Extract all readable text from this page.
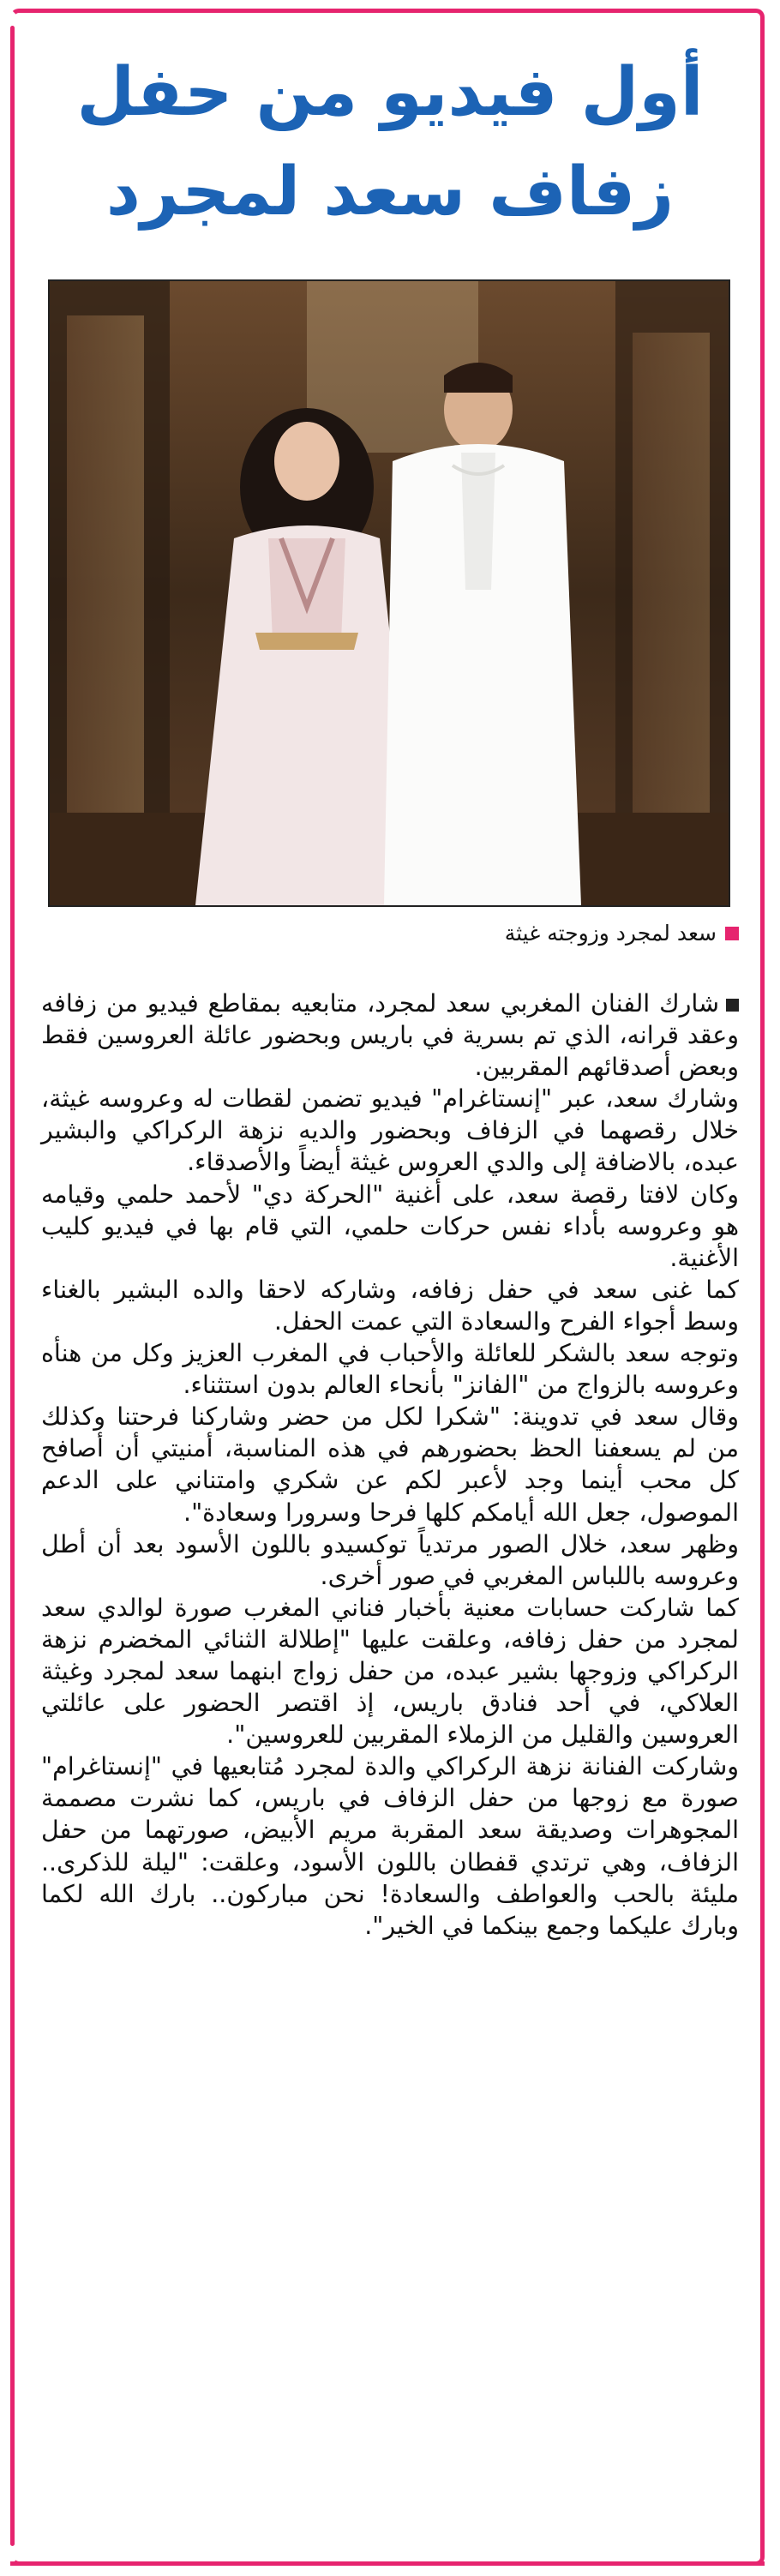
أول فيديو من حفل
زفاف سعد لمجرد
سعد لمجرد وزوجته غيثة

شارك الفنان المغربي سعد لمجرد، متابعيه بمقاطع فيديو من زفافه وعقد قرانه، الذي تم بسرية في باريس وبحضور عائلة العروسين فقط وبعض أصدقائهم المقربين.

وشارك سعد، عبر "إنستاغرام" فيديو تضمن لقطات له وعروسه غيثة، خلال رقصهما في الزفاف وبحضور والديه نزهة الركراكي والبشير عبده، بالاضافة إلى والدي العروس غيثة أيضاً والأصدقاء.

وكان لافتا رقصة سعد، على أغنية "الحركة دي" لأحمد حلمي وقيامه هو وعروسه بأداء نفس حركات حلمي، التي قام بها في فيديو كليب الأغنية.

كما غنى سعد في حفل زفافه، وشاركه لاحقا والده البشير بالغناء وسط أجواء الفرح والسعادة التي عمت الحفل.

وتوجه سعد بالشكر للعائلة والأحباب في المغرب العزيز وكل من هنأه وعروسه بالزواج من "الفانز" بأنحاء العالم بدون استثناء.

وقال سعد في تدوينة: "شكرا لكل من حضر وشاركنا فرحتنا وكذلك من لم يسعفنا الحظ بحضورهم في هذه المناسبة، أمنيتي أن أصافح كل محب أينما وجد لأعبر لكم عن شكري وامتناني على الدعم الموصول، جعل الله أيامكم كلها فرحا وسرورا وسعادة".

وظهر سعد، خلال الصور مرتدياً توكسيدو باللون الأسود بعد أن أطل وعروسه باللباس المغربي في صور أخرى.

كما شاركت حسابات معنية بأخبار فناني المغرب صورة لوالدي سعد لمجرد من حفل زفافه، وعلقت عليها "إطلالة الثنائي المخضرم نزهة الركراكي وزوجها بشير عبده، من حفل زواج ابنهما سعد لمجرد وغيثة العلاكي، في أحد فنادق باريس، إذ اقتصر الحضور على عائلتي العروسين والقليل من الزملاء المقربين للعروسين".

وشاركت الفنانة نزهة الركراكي والدة لمجرد مُتابعيها في "إنستاغرام" صورة مع زوجها من حفل الزفاف في باريس، كما نشرت مصممة المجوهرات وصديقة سعد المقربة مريم الأبيض، صورتهما من حفل الزفاف، وهي ترتدي قفطان باللون الأسود، وعلقت: "ليلة للذكرى.. مليئة بالحب والعواطف والسعادة! نحن مباركون.. بارك الله لكما وبارك عليكما وجمع بينكما في الخير".
